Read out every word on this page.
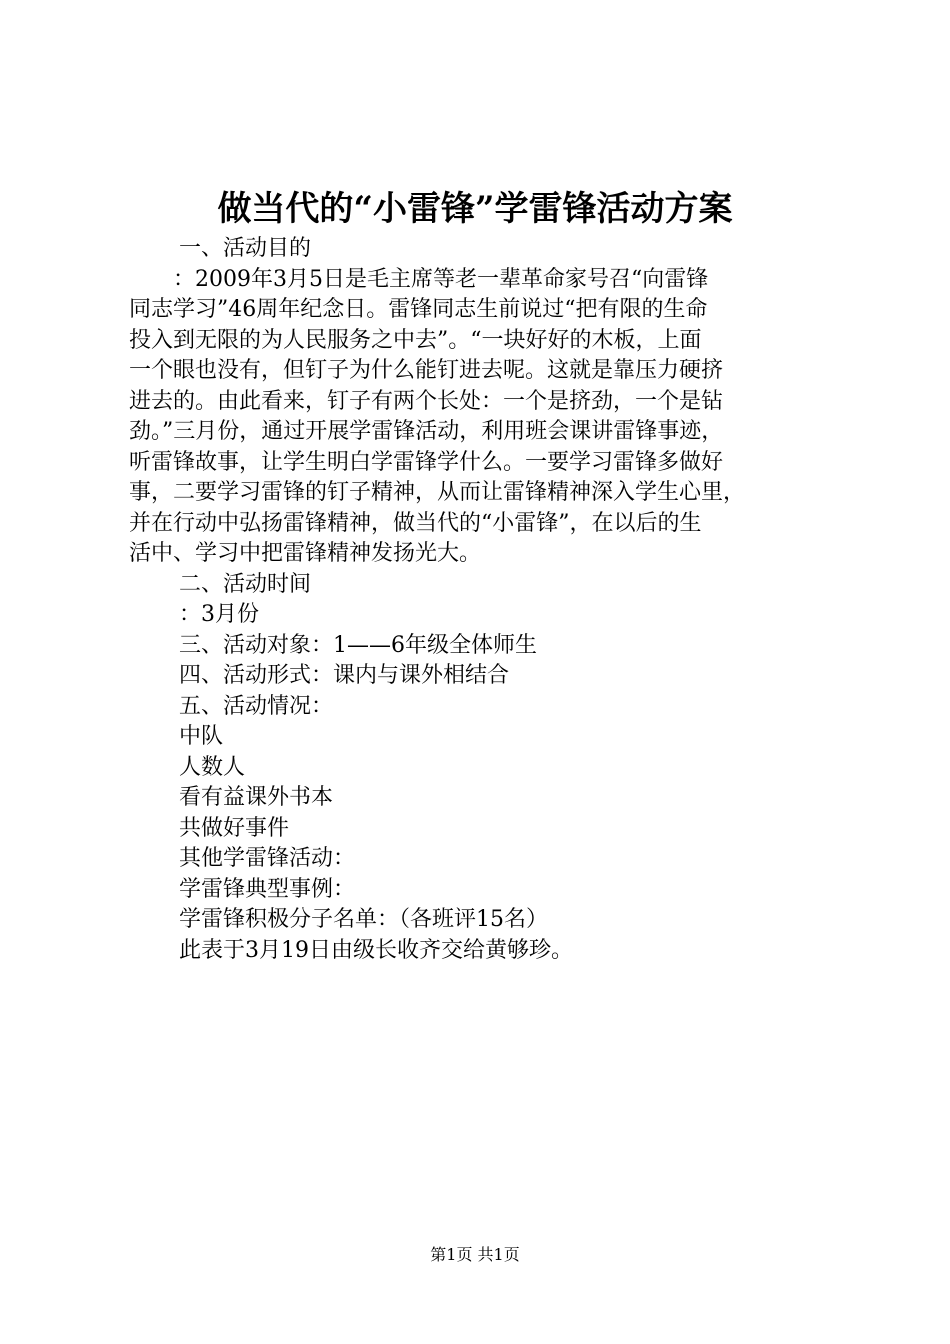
做当代的“小雷锋”学雷锋活动方案
一、活动目的
：2009年3月5日是毛主席等老一辈革命家号召“向雷锋
同志学习”46周年纪念日。雷锋同志生前说过“把有限的生命
投入到无限的为人民服务之中去”。“一块好好的木板，上面
一个眼也没有，但钉子为什么能钉进去呢。这就是靠压力硬挤
进去的。由此看来，钉子有两个长处：一个是挤劲，一个是钻
劲。”三月份，通过开展学雷锋活动，利用班会课讲雷锋事迹，
听雷锋故事，让学生明白学雷锋学什么。一要学习雷锋多做好
事，二要学习雷锋的钉子精神，从而让雷锋精神深入学生心里，
并在行动中弘扬雷锋精神，做当代的“小雷锋”，在以后的生
活中、学习中把雷锋精神发扬光大。
二、活动时间
：3月份
三、活动对象：1——6年级全体师生
四、活动形式：课内与课外相结合
五、活动情况：
中队
人数人
看有益课外书本
共做好事件
其他学雷锋活动：
学雷锋典型事例：
学雷锋积极分子名单：（各班评15名）
此表于3月19日由级长收齐交给黄够珍。
第1页 共1页
